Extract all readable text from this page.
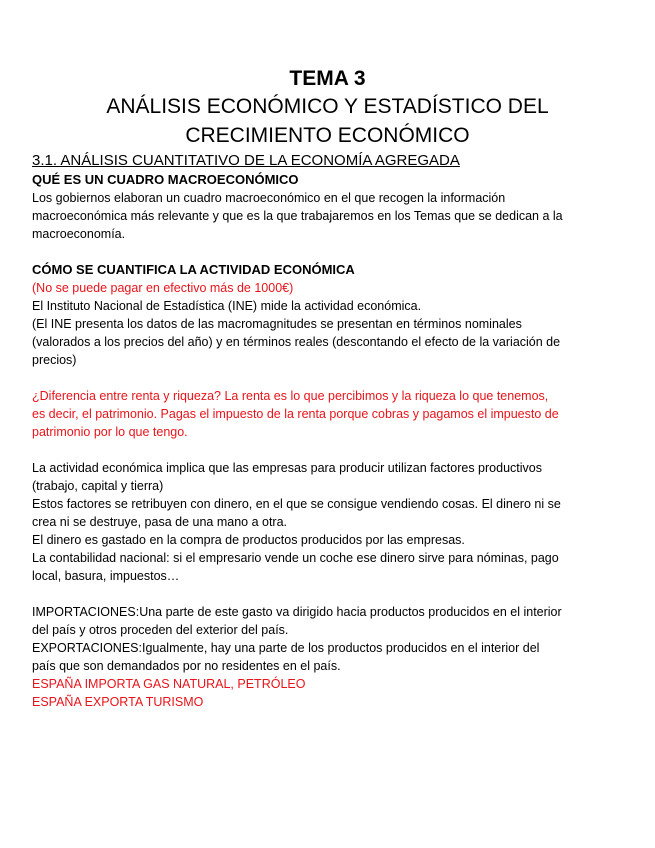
TEMA 3
ANÁLISIS ECONÓMICO Y ESTADÍSTICO DEL
CRECIMIENTO ECONÓMICO
3.1. ANÁLISIS CUANTITATIVO DE LA ECONOMÍA AGREGADA

QUÉ ES UN CUADRO MACROECONÓMICO

Los gobiernos elaboran un cuadro macroeconómico en el que recogen la información

macroeconómica más relevante y que es la que trabajaremos en los Temas que se dedican a la

macroeconomía.

CÓMO SE CUANTIFICA LA ACTIVIDAD ECONÓMICA

(No se puede pagar en efectivo más de 1000€)

El Instituto Nacional de Estadística (INE) mide la actividad económica.

(El INE presenta los datos de las macromagnitudes se presentan en términos nominales

(valorados a los precios del año) y en términos reales (descontando el efecto de la variación de

precios)

¿Diferencia entre renta y riqueza? La renta es lo que percibimos y la riqueza lo que tenemos,

es decir, el patrimonio. Pagas el impuesto de la renta porque cobras y pagamos el impuesto de

patrimonio por lo que tengo.

La actividad económica implica que las empresas para producir utilizan factores productivos

(trabajo, capital y tierra)

Estos factores se retribuyen con dinero, en el que se consigue vendiendo cosas. El dinero ni se

crea ni se destruye, pasa de una mano a otra.

El dinero es gastado en la compra de productos producidos por las empresas.

La contabilidad nacional: si el empresario vende un coche ese dinero sirve para nóminas, pago

local, basura, impuestos…

IMPORTACIONES:Una parte de este gasto va dirigido hacia productos producidos en el interior

del país y otros proceden del exterior del país.

EXPORTACIONES:Igualmente, hay una parte de los productos producidos en el interior del

país que son demandados por no residentes en el país.

ESPAÑA IMPORTA GAS NATURAL, PETRÓLEO

ESPAÑA EXPORTA TURISMO
